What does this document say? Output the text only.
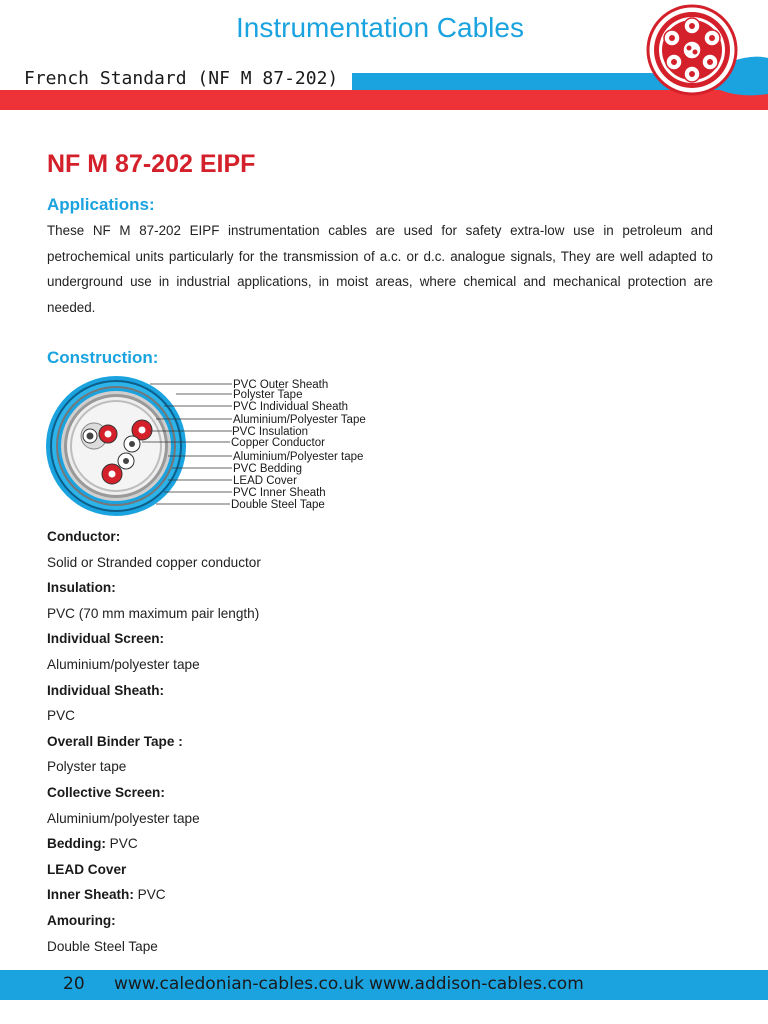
Instrumentation Cables
French Standard (NF M 87-202)
NF M 87-202 EIPF
Applications:

These NF M 87-202 EIPF instrumentation cables are used for safety extra-low use in petroleum and petrochemical units particularly for the transmission of a.c. or d.c. analogue signals, They are well adapted to underground use in industrial applications, in moist areas, where chemical and mechanical protection are needed.

Construction:
PVC Outer Sheath
Polyster Tape
PVC Individual Sheath
Aluminium/Polyester Tape
PVC Insulation
Copper Conductor
Aluminium/Polyester tape
PVC Bedding
LEAD Cover
PVC Inner Sheath
Double Steel Tape
Conductor:
Solid or Stranded copper conductor
Insulation:
PVC (70 mm maximum pair length)
Individual Screen:
Aluminium/polyester tape
Individual Sheath:
PVC
Overall Binder Tape :
Polyster tape
Collective Screen:
Aluminium/polyester tape
Bedding: PVC
LEAD Cover
Inner Sheath: PVC
Amouring:
Double Steel Tape
20 www.caledonian-cables.co.uk www.addison-cables.com
